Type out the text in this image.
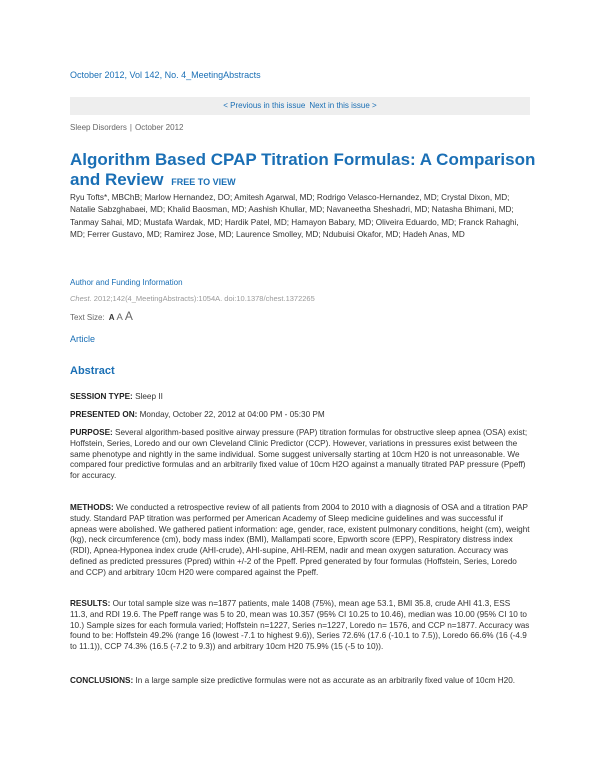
October 2012, Vol 142, No. 4_MeetingAbstracts
< Previous in this issue Next in this issue >
Sleep Disorders | October 2012
Algorithm Based CPAP Titration Formulas: A Comparison and Review FREE TO VIEW
Ryu Tofts*, MBChB; Marlow Hernandez, DO; Amitesh Agarwal, MD; Rodrigo Velasco-Hernandez, MD; Crystal Dixon, MD; Natalie Sabzghabaei, MD; Khalid Baosman, MD; Aashish Khullar, MD; Navaneetha Sheshadri, MD; Natasha Bhimani, MD; Tanmay Sahai, MD; Mustafa Wardak, MD; Hardik Patel, MD; Hamayon Babary, MD; Oliveira Eduardo, MD; Franck Rahaghi, MD; Ferrer Gustavo, MD; Ramirez Jose, MD; Laurence Smolley, MD; Ndubuisi Okafor, MD; Hadeh Anas, MD
Author and Funding Information
Chest. 2012;142(4_MeetingAbstracts):1054A. doi:10.1378/chest.1372265
Text Size: A A A
Article
Abstract

SESSION TYPE: Sleep II

PRESENTED ON: Monday, October 22, 2012 at 04:00 PM - 05:30 PM

PURPOSE: Several algorithm-based positive airway pressure (PAP) titration formulas for obstructive sleep apnea (OSA) exist; Hoffstein, Series, Loredo and our own Cleveland Clinic Predictor (CCP). However, variations in pressures exist between the same phenotype and nightly in the same individual. Some suggest universally starting at 10cm H20 is not unreasonable. We compared four predictive formulas and an arbitrarily fixed value of 10cm H2O against a manually titrated PAP pressure (Ppeff) for accuracy.

METHODS: We conducted a retrospective review of all patients from 2004 to 2010 with a diagnosis of OSA and a titration PAP study. Standard PAP titration was performed per American Academy of Sleep medicine guidelines and was successful if apneas were abolished. We gathered patient information: age, gender, race, existent pulmonary conditions, height (cm), weight (kg), neck circumference (cm), body mass index (BMI), Mallampati score, Epworth score (EPP), Respiratory distress index (RDI), Apnea-Hyponea index crude (AHI-crude), AHI-supine, AHI-REM, nadir and mean oxygen saturation. Accuracy was defined as predicted pressures (Ppred) within +/-2 of the Ppeff. Ppred generated by four formulas (Hoffstein, Series, Loredo and CCP) and arbitrary 10cm H20 were compared against the Ppeff.

RESULTS: Our total sample size was n=1877 patients, male 1408 (75%), mean age 53.1, BMI 35.8, crude AHI 41.3, ESS 11.3, and RDI 19.6. The Ppeff range was 5 to 20, mean was 10.357 (95% CI 10.25 to 10.46), median was 10.00 (95% CI 10 to 10.) Sample sizes for each formula varied; Hoffstein n=1227, Series n=1227, Loredo n= 1576, and CCP n=1877. Accuracy was found to be: Hoffstein 49.2% (range 16 (lowest -7.1 to highest 9.6)), Series 72.6% (17.6 (-10.1 to 7.5)), Loredo 66.6% (16 (-4.9 to 11.1)), CCP 74.3% (16.5 (-7.2 to 9.3)) and arbitrary 10cm H20 75.9% (15 (-5 to 10)).

CONCLUSIONS: In a large sample size predictive formulas were not as accurate as an arbitrarily fixed value of 10cm H20.
